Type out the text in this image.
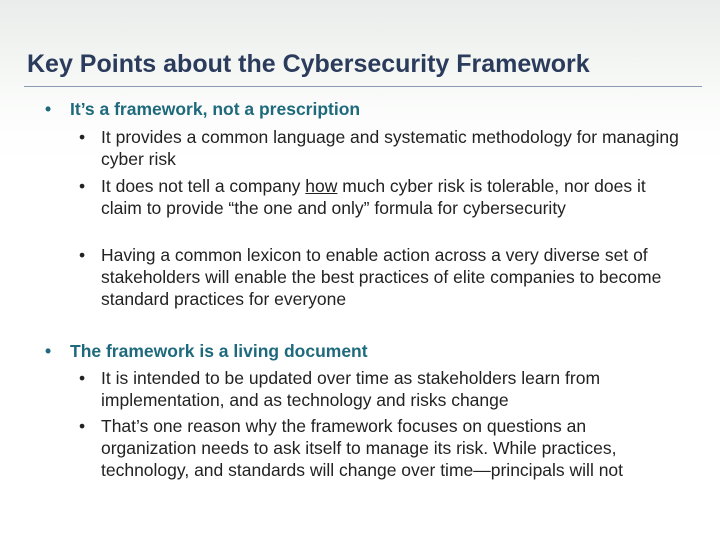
Key Points about the Cybersecurity Framework
• It’s a framework, not a prescription
• It provides a common language and systematic methodology for managing cyber risk
• It does not tell a company how much cyber risk is tolerable, nor does it claim to provide “the one and only” formula for cybersecurity
• Having a common lexicon to enable action across a very diverse set of stakeholders will enable the best practices of elite companies to become standard practices for everyone
• The framework is a living document
• It is intended to be updated over time as stakeholders learn from implementation, and as technology and risks change
• That’s one reason why the framework focuses on questions an organization needs to ask itself to manage its risk. While practices, technology, and standards will change over time—principals will not
